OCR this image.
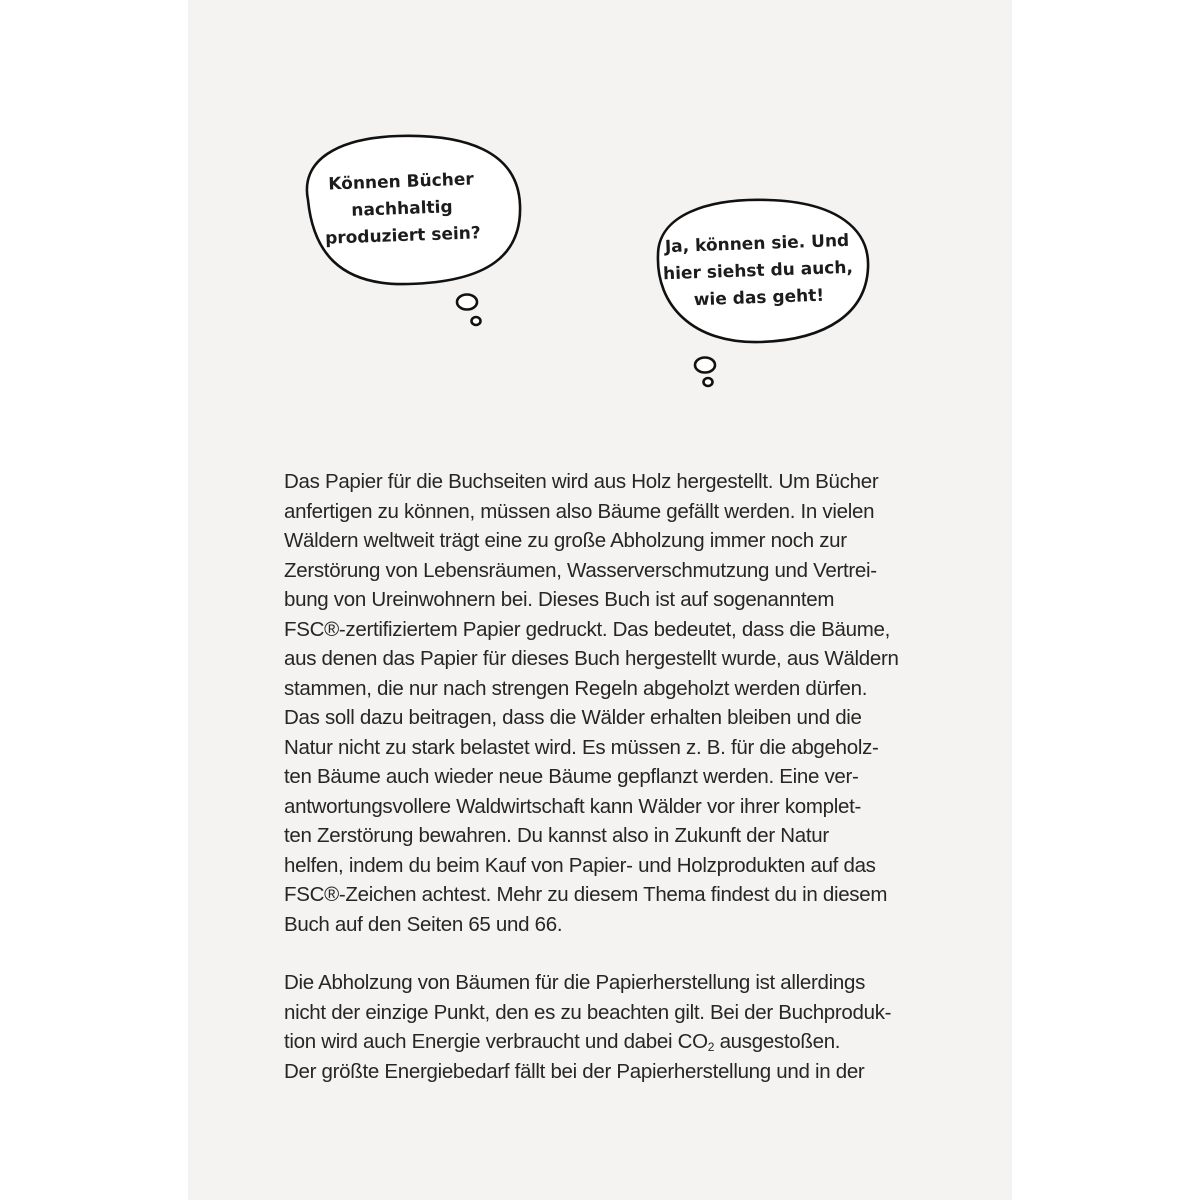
Können Bücher
nachhaltig
produziert sein?	Ja, können sie. Und
hier siehst du auch,
wie das geht!
Das Papier für die Buchseiten wird aus Holz hergestellt. Um Bücher
anfertigen zu können, müssen also Bäume gefällt werden. In vielen
Wäldern weltweit trägt eine zu große Abholzung immer noch zur
Zerstörung von Lebensräumen, Wasserverschmutzung und Vertrei-
bung von Ureinwohnern bei. Dieses Buch ist auf sogenanntem
FSC®-zertifiziertem Papier gedruckt. Das bedeutet, dass die Bäume,
aus denen das Papier für dieses Buch hergestellt wurde, aus Wäldern
stammen, die nur nach strengen Regeln abgeholzt werden dürfen.
Das soll dazu beitragen, dass die Wälder erhalten bleiben und die
Natur nicht zu stark belastet wird. Es müssen z. B. für die abgeholz-
ten Bäume auch wieder neue Bäume gepflanzt werden. Eine ver-
antwortungsvollere Waldwirtschaft kann Wälder vor ihrer komplet-
ten Zerstörung bewahren. Du kannst also in Zukunft der Natur
helfen, indem du beim Kauf von Papier- und Holzprodukten auf das
FSC®-Zeichen achtest. Mehr zu diesem Thema findest du in diesem
Buch auf den Seiten 65 und 66.
Die Abholzung von Bäumen für die Papierherstellung ist allerdings
nicht der einzige Punkt, den es zu beachten gilt. Bei der Buchproduk-
tion wird auch Energie verbraucht und dabei $CO_2$ ausgestoßen.
Der größte Energiebedarf fällt bei der Papierherstellung und in der
